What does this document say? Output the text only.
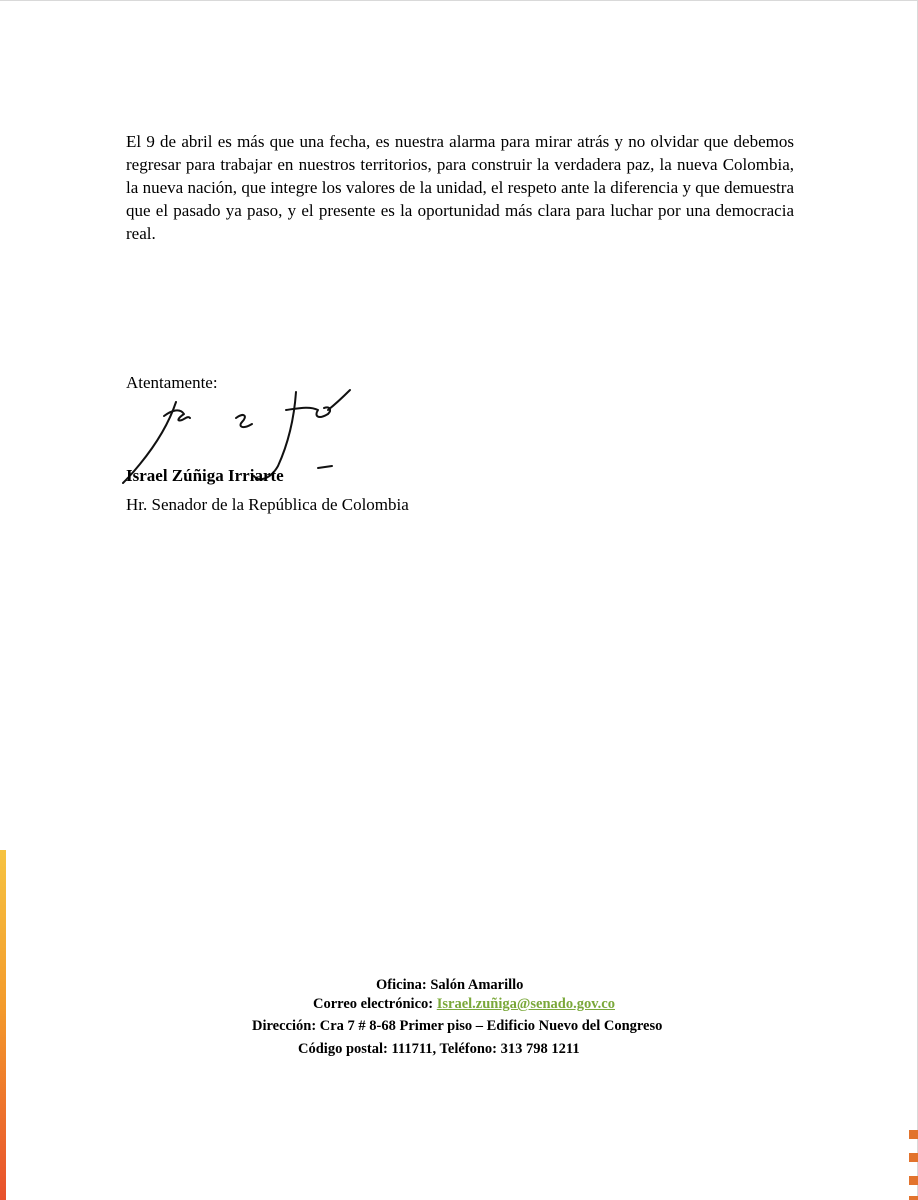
El 9 de abril es más que una fecha, es nuestra alarma para mirar atrás y no olvidar que debemos regresar para trabajar en nuestros territorios, para construir la verdadera paz, la nueva Colombia, la nueva nación, que integre los valores de la unidad, el respeto ante la diferencia y que demuestra que el pasado ya paso, y el presente es la oportunidad más clara para luchar por una democracia real.

Atentamente:
Israel Zúñiga Irriarte
Hr. Senador de la República de Colombia
Oficina: Salón Amarillo
Correo electrónico: Israel.zuñiga@senado.gov.co
Dirección: Cra 7 # 8-68 Primer piso – Edificio Nuevo del Congreso
Código postal: 111711, Teléfono: 313 798 1211
